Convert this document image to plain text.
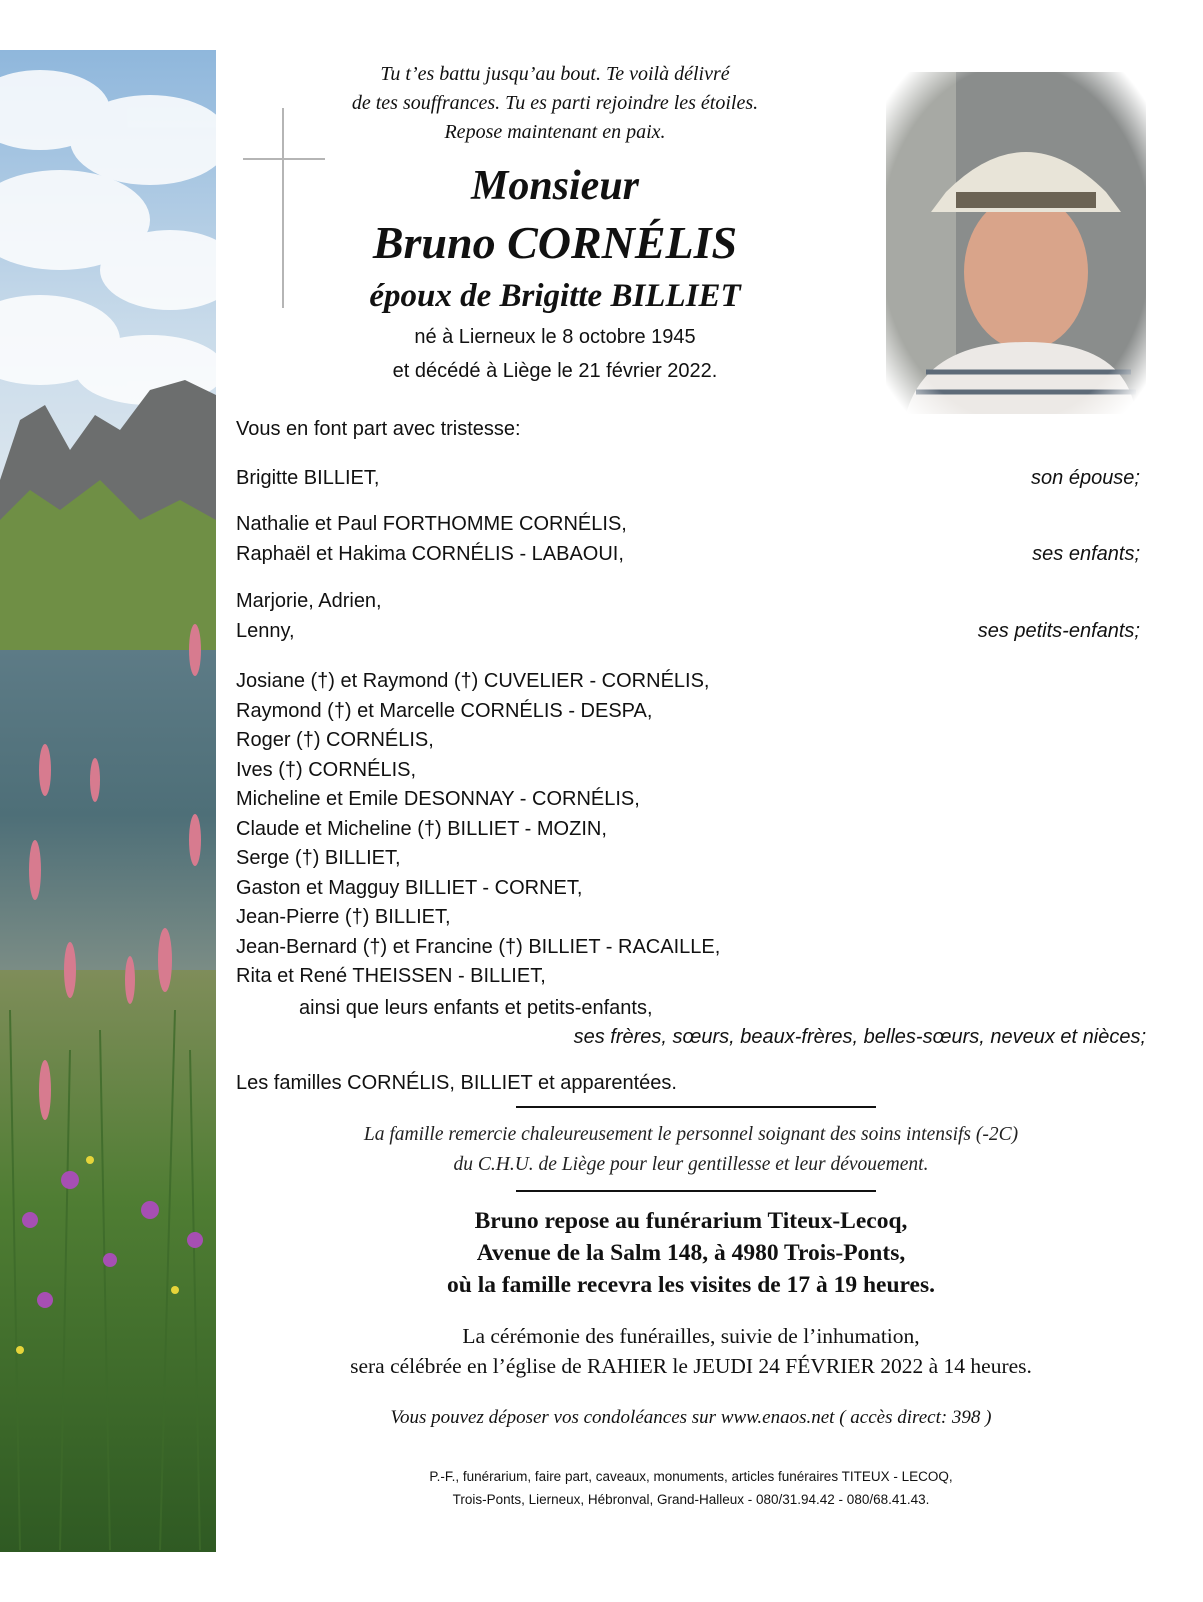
Tu t’es battu jusqu’au bout. Te voilà délivré
de tes souffrances. Tu es parti rejoindre les étoiles.
Repose maintenant en paix.
Monsieur
Bruno CORNÉLIS
époux de Brigitte BILLIET
né à Lierneux le 8 octobre 1945
et décédé à Liège le 21 février 2022.
Vous en font part avec tristesse:
Brigitte BILLIET,	son épouse;
Nathalie et Paul FORTHOMME CORNÉLIS,
Raphaël et Hakima CORNÉLIS - LABAOUI,	ses enfants;
Marjorie, Adrien,
Lenny,	ses petits-enfants;
Josiane (†) et Raymond (†) CUVELIER - CORNÉLIS,
Raymond (†) et Marcelle CORNÉLIS - DESPA,
Roger (†) CORNÉLIS,
Ives (†) CORNÉLIS,
Micheline et Emile DESONNAY - CORNÉLIS,
Claude et Micheline (†) BILLIET - MOZIN,
Serge (†) BILLIET,
Gaston et Magguy BILLIET - CORNET,
Jean-Pierre (†) BILLIET,
Jean-Bernard (†) et Francine (†) BILLIET - RACAILLE,
Rita et René THEISSEN - BILLIET,
ainsi que leurs enfants et petits-enfants,
ses frères, sœurs, beaux-frères, belles-sœurs, neveux et nièces;
Les familles CORNÉLIS, BILLIET et apparentées.
La famille remercie chaleureusement le personnel soignant des soins intensifs (-2C)
du C.H.U. de Liège pour leur gentillesse et leur dévouement.
Bruno repose au funérarium Titeux-Lecoq,
Avenue de la Salm 148, à 4980 Trois-Ponts,
où la famille recevra les visites de 17 à 19 heures.
La cérémonie des funérailles, suivie de l’inhumation,
sera célébrée en l’église de RAHIER le JEUDI 24 FÉVRIER 2022 à 14 heures.
Vous pouvez déposer vos condoléances sur www.enaos.net ( accès direct: 398 )
P.-F., funérarium, faire part, caveaux, monuments, articles funéraires TITEUX - LECOQ,
Trois-Ponts, Lierneux, Hébronval, Grand-Halleux - 080/31.94.42 - 080/68.41.43.
